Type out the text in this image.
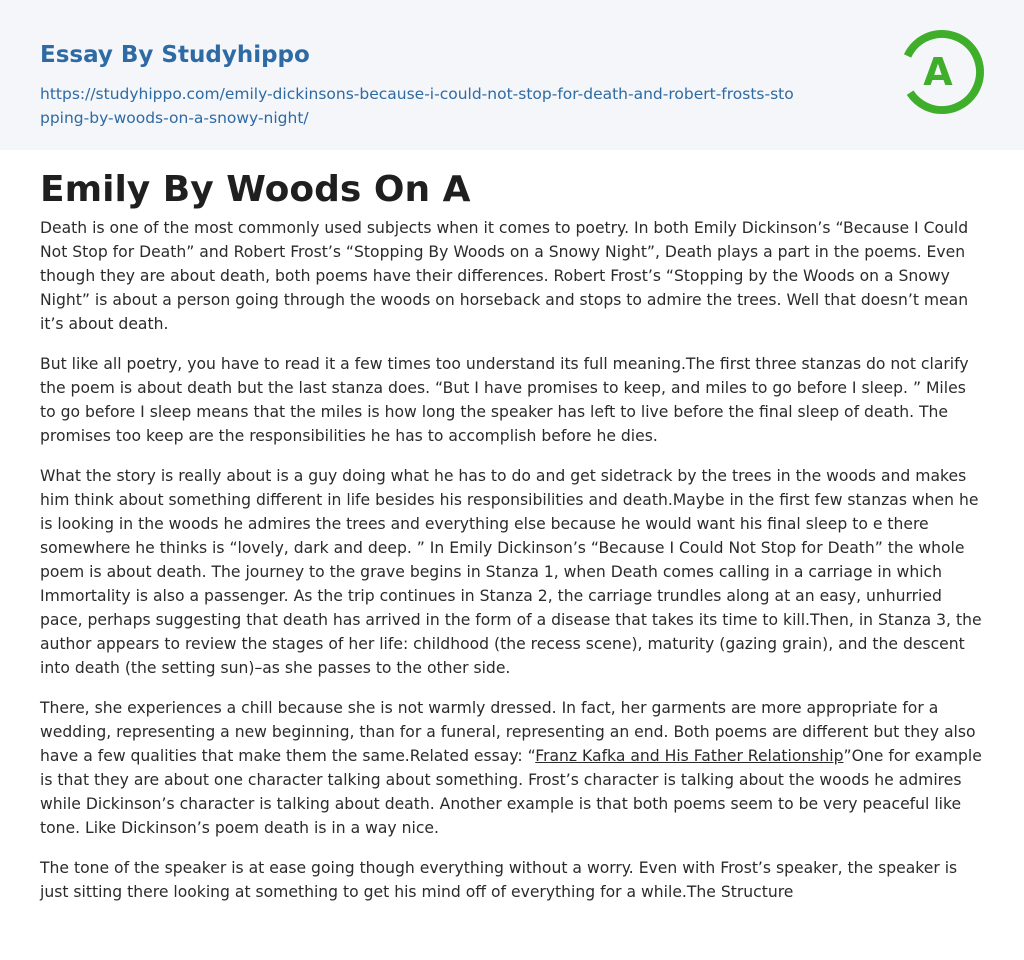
Essay By Studyhippo
https://studyhippo.com/emily-dickinsons-because-i-could-not-stop-for-death-and-robert-frosts-stopping-by-woods-on-a-snowy-night/
A
Emily By Woods On A

Death is one of the most commonly used subjects when it comes to poetry. In both Emily Dickinson’s “Because I Could Not Stop for Death” and Robert Frost’s “Stopping By Woods on a Snowy Night”, Death plays a part in the poems. Even though they are about death, both poems have their differences. Robert Frost’s “Stopping by the Woods on a Snowy Night” is about a person going through the woods on horseback and stops to admire the trees. Well that doesn’t mean it’s about death.

But like all poetry, you have to read it a few times too understand its full meaning.The first three stanzas do not clarify the poem is about death but the last stanza does. “But I have promises to keep, and miles to go before I sleep. ” Miles to go before I sleep means that the miles is how long the speaker has left to live before the final sleep of death. The promises too keep are the responsibilities he has to accomplish before he dies.

What the story is really about is a guy doing what he has to do and get sidetrack by the trees in the woods and makes him think about something different in life besides his responsibilities and death.Maybe in the first few stanzas when he is looking in the woods he admires the trees and everything else because he would want his final sleep to e there somewhere he thinks is “lovely, dark and deep. ” In Emily Dickinson’s “Because I Could Not Stop for Death” the whole poem is about death. The journey to the grave begins in Stanza 1, when Death comes calling in a carriage in which Immortality is also a passenger. As the trip continues in Stanza 2, the carriage trundles along at an easy, unhurried pace, perhaps suggesting that death has arrived in the form of a disease that takes its time to kill.Then, in Stanza 3, the author appears to review the stages of her life: childhood (the recess scene), maturity (gazing grain), and the descent into death (the setting sun)–as she passes to the other side.

There, she experiences a chill because she is not warmly dressed. In fact, her garments are more appropriate for a wedding, representing a new beginning, than for a funeral, representing an end. Both poems are different but they also have a few qualities that make them the same.Related essay: “Franz Kafka and His Father Relationship”One for example is that they are about one character talking about something. Frost’s character is talking about the woods he admires while Dickinson’s character is talking about death. Another example is that both poems seem to be very peaceful like tone. Like Dickinson’s poem death is in a way nice.

The tone of the speaker is at ease going though everything without a worry. Even with Frost’s speaker, the speaker is just sitting there looking at something to get his mind off of everything for a while.The Structure
